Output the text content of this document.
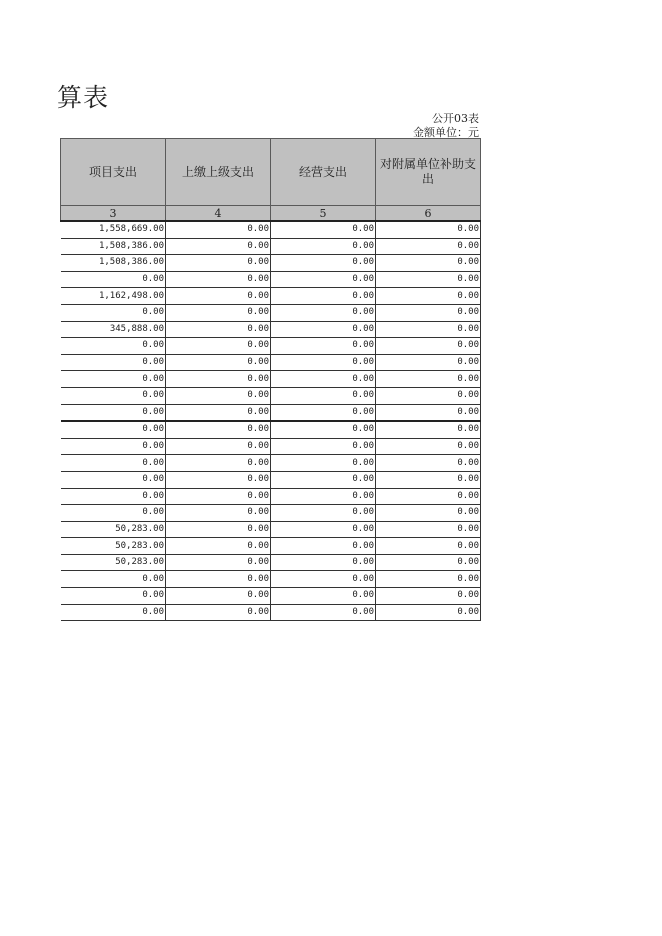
算表
公开03表
金额单位：元
项目支出	上缴上级支出	经营支出	对附属单位补助支出
3	4	5	6
1,558,669.00	0.00	0.00	0.00
1,508,386.00	0.00	0.00	0.00
1,508,386.00	0.00	0.00	0.00
0.00	0.00	0.00	0.00
1,162,498.00	0.00	0.00	0.00
0.00	0.00	0.00	0.00
345,888.00	0.00	0.00	0.00
0.00	0.00	0.00	0.00
0.00	0.00	0.00	0.00
0.00	0.00	0.00	0.00
0.00	0.00	0.00	0.00
0.00	0.00	0.00	0.00
0.00	0.00	0.00	0.00
0.00	0.00	0.00	0.00
0.00	0.00	0.00	0.00
0.00	0.00	0.00	0.00
0.00	0.00	0.00	0.00
0.00	0.00	0.00	0.00
50,283.00	0.00	0.00	0.00
50,283.00	0.00	0.00	0.00
50,283.00	0.00	0.00	0.00
0.00	0.00	0.00	0.00
0.00	0.00	0.00	0.00
0.00	0.00	0.00	0.00
